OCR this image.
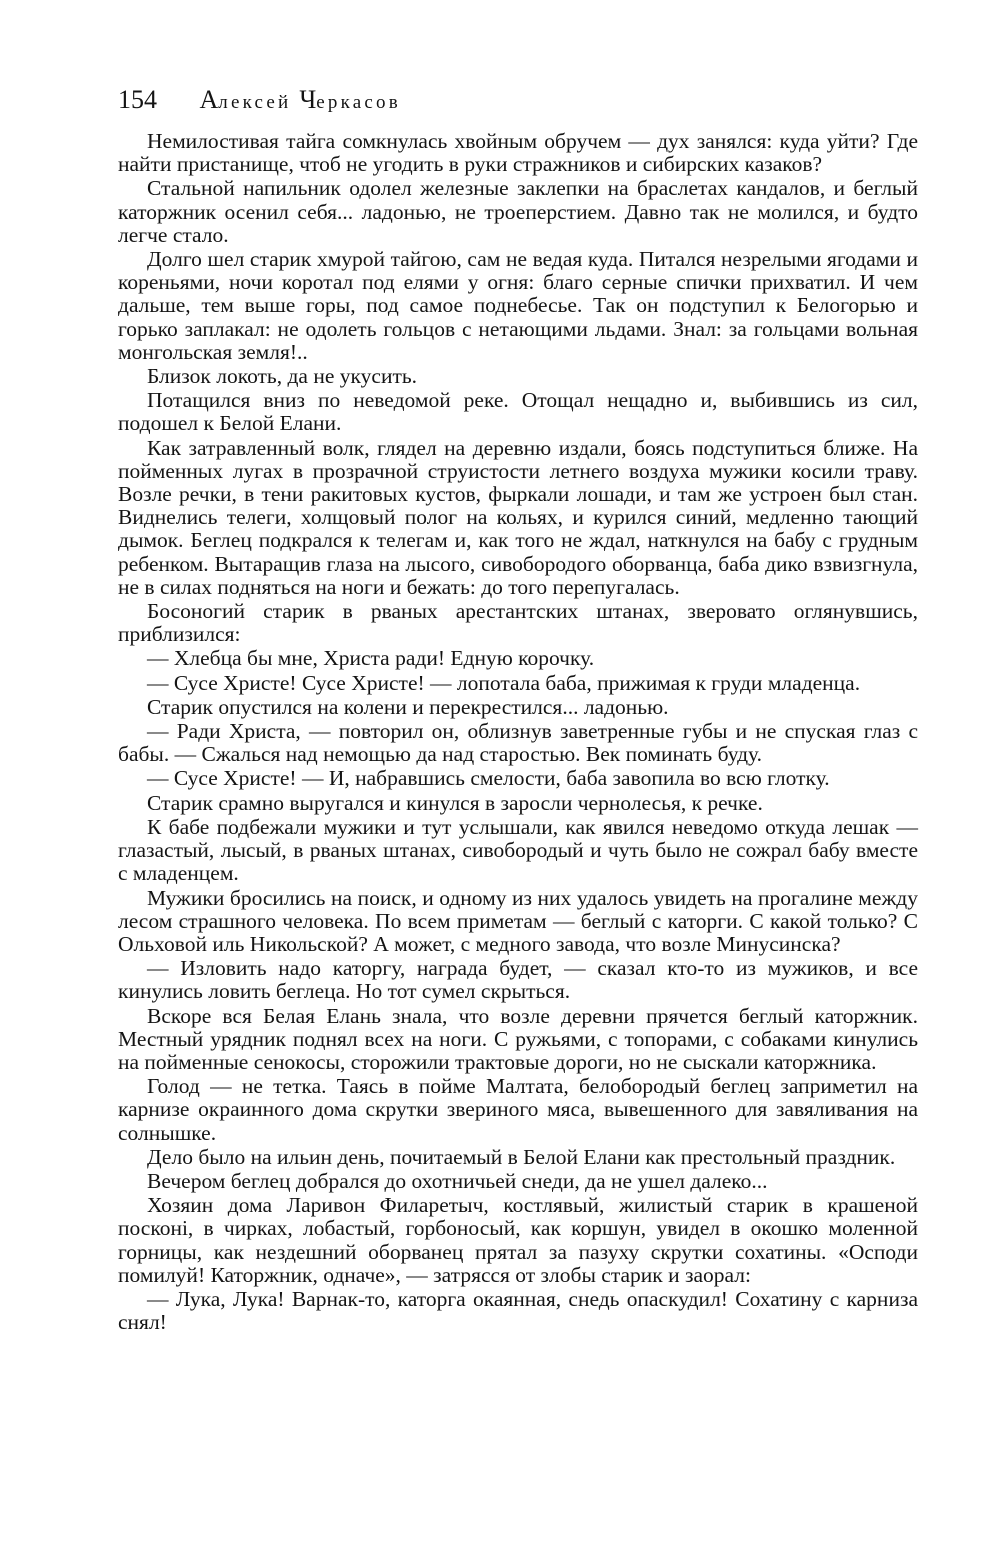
154 Алексей Черкасов

Немилостивая тайга сомкнулась хвойным обручем — дух занялся: куда уйти? Где найти пристанище, чтоб не угодить в руки стражников и сибирских казаков?

Стальной напильник одолел железные заклепки на браслетах кандалов, и беглый каторжник осенил себя... ладонью, не троеперстием. Давно так не молился, и будто легче стало.

Долго шел старик хмурой тайгою, сам не ведая куда. Питался незрелыми ягодами и кореньями, ночи коротал под елями у огня: благо серные спички прихватил. И чем дальше, тем выше горы, под самое поднебесье. Так он подступил к Белогорью и горько заплакал: не одолеть гольцов с нетающими льдами. Знал: за гольцами вольная монгольская земля!..

Близок локоть, да не укусить.

Потащился вниз по неведомой реке. Отощал нещадно и, выбившись из сил, подошел к Белой Елани.

Как затравленный волк, глядел на деревню издали, боясь подступиться ближе. На пойменных лугах в прозрачной струистости летнего воздуха мужики косили траву. Возле речки, в тени ракитовых кустов, фыркали лошади, и там же устроен был стан. Виднелись телеги, холщовый полог на кольях, и курился синий, медленно тающий дымок. Беглец подкрался к телегам и, как того не ждал, наткнулся на бабу с грудным ребенком. Вытаращив глаза на лысого, сивобородого оборванца, баба дико взвизгнула, не в силах подняться на ноги и бежать: до того перепугалась.

Босоногий старик в рваных арестантских штанах, зверовато оглянувшись, приблизился:

— Хлебца бы мне, Христа ради! Едную корочку.

— Сусе Христе! Сусе Христе! — лопотала баба, прижимая к груди младенца.

Старик опустился на колени и перекрестился... ладонью.

— Ради Христа, — повторил он, облизнув заветренные губы и не спуская глаз с бабы. — Сжалься над немощью да над старостью. Век поминать буду.

— Сусе Христе! — И, набравшись смелости, баба завопила во всю глотку.

Старик срамно выругался и кинулся в заросли чернолесья, к речке.

К бабе подбежали мужики и тут услышали, как явился неведомо откуда лешак — глазастый, лысый, в рваных штанах, сивобородый и чуть было не сожрал бабу вместе с младенцем.

Мужики бросились на поиск, и одному из них удалось увидеть на прогалине между лесом страшного человека. По всем приметам — беглый с каторги. С какой только? С Ольховой иль Никольской? А может, с медного завода, что возле Минусинска?

— Изловить надо каторгу, награда будет, — сказал кто-то из мужиков, и все кинулись ловить беглеца. Но тот сумел скрыться.

Вскоре вся Белая Елань знала, что возле деревни прячется беглый каторжник. Местный урядник поднял всех на ноги. С ружьями, с топорами, с собаками кинулись на пойменные сенокосы, сторожили трактовые дороги, но не сыскали каторжника.

Голод — не тетка. Таясь в пойме Малтата, белобородый беглец заприметил на карнизе окраинного дома скрутки звериного мяса, вывешенного для завяливания на солнышке.

Дело было на ильин день, почитаемый в Белой Елани как престольный праздник.

Вечером беглец добрался до охотничьей снеди, да не ушел далеко...

Хозяин дома Ларивон Филаретыч, костлявый, жилистый старик в крашеной посконі, в чирках, лобастый, горбоносый, как коршун, увидел в окошко моленной горницы, как нездешний оборванец прятал за пазуху скрутки сохатины. «Осподи помилуй! Каторжник, одначе», — затрясся от злобы старик и заорал:

— Лука, Лука! Варнак-то, каторга окаянная, снедь опаскудил! Сохатину с карниза снял!
